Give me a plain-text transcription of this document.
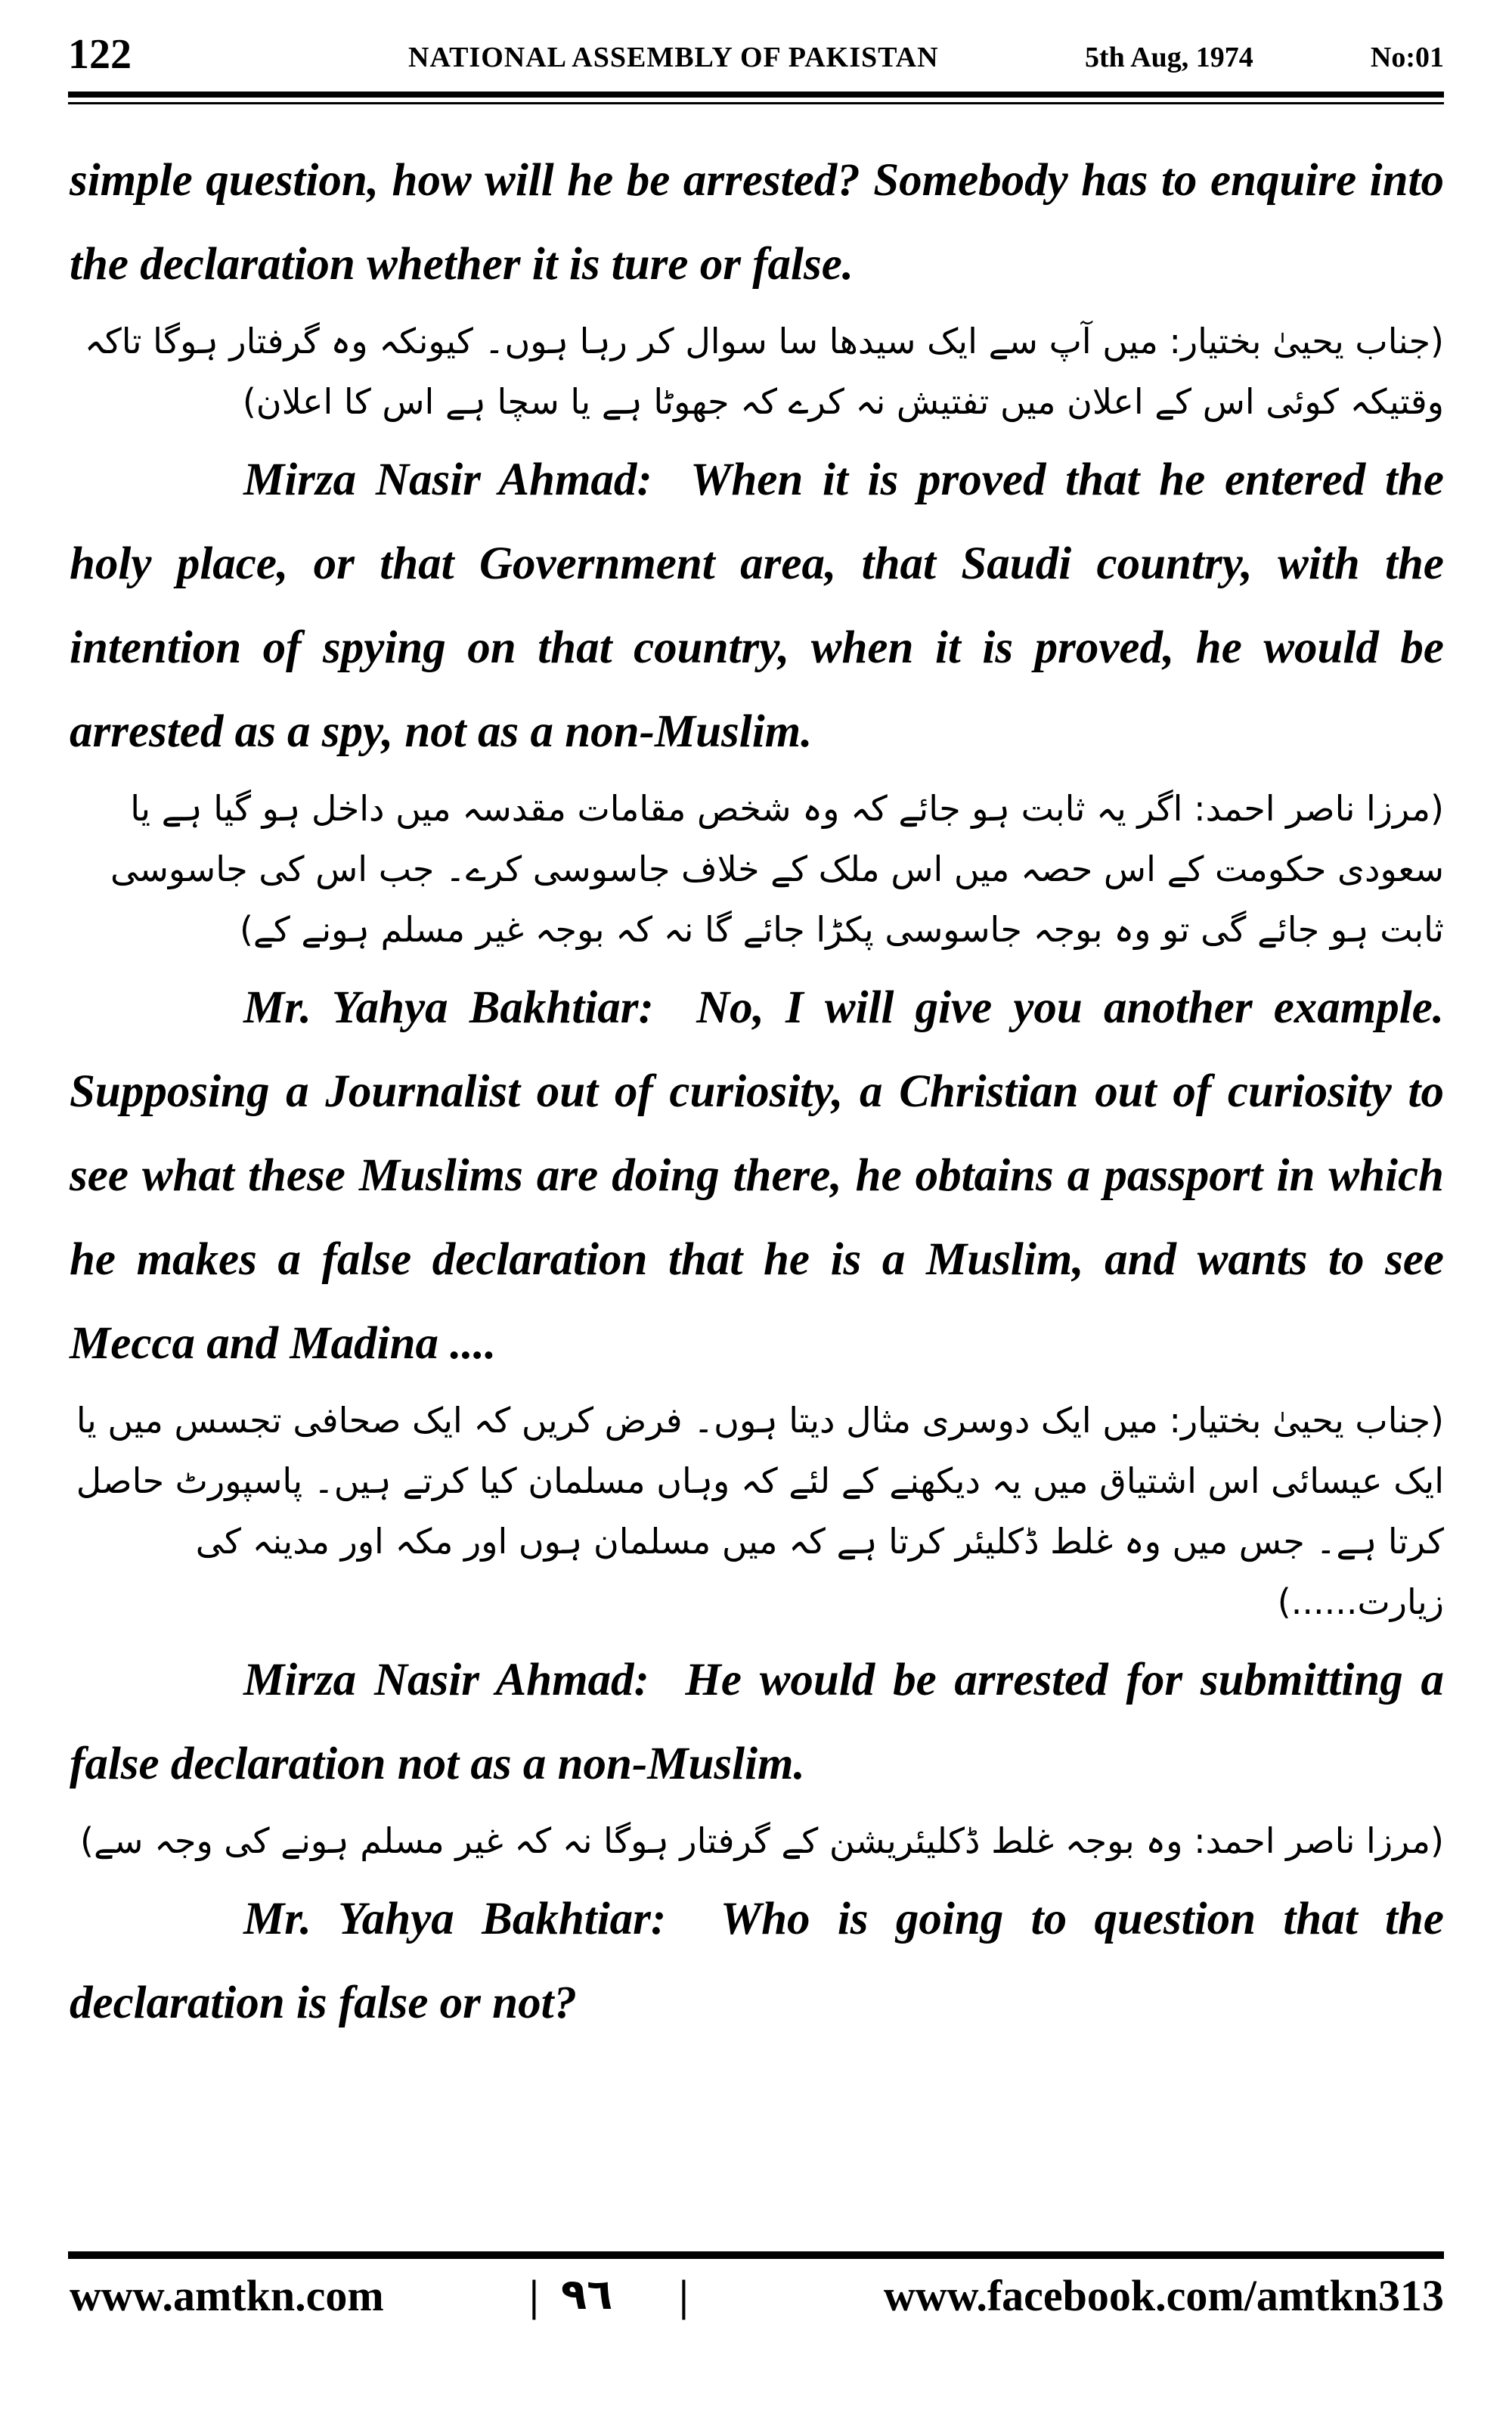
122	NATIONAL ASSEMBLY OF PAKISTAN	5th Aug, 1974	No:01

simple question, how will he be arrested? Somebody has to enquire into the declaration whether it is ture or false.

(جناب یحییٰ بختیار: میں آپ سے ایک سیدھا سا سوال کر رہا ہوں۔ کیونکہ وہ گرفتار ہوگا تاکہ وقتیکہ کوئی اس کے اعلان میں تفتیش نہ کرے کہ جھوٹا ہے یا سچا ہے اس کا اعلان)

Mirza Nasir Ahmad: When it is proved that he entered the holy place, or that Government area, that Saudi country, with the intention of spying on that country, when it is proved, he would be arrested as a spy, not as a non-Muslim.

(مرزا ناصر احمد: اگر یہ ثابت ہو جائے کہ وہ شخص مقامات مقدسہ میں داخل ہو گیا ہے یا سعودی حکومت کے اس حصہ میں اس ملک کے خلاف جاسوسی کرے۔ جب اس کی جاسوسی ثابت ہو جائے گی تو وہ بوجہ جاسوسی پکڑا جائے گا نہ کہ بوجہ غیر مسلم ہونے کے)

Mr. Yahya Bakhtiar: No, I will give you another example. Supposing a Journalist out of curiosity, a Christian out of curiosity to see what these Muslims are doing there, he obtains a passport in which he makes a false declaration that he is a Muslim, and wants to see Mecca and Madina ....

(جناب یحییٰ بختیار: میں ایک دوسری مثال دیتا ہوں۔ فرض کریں کہ ایک صحافی تجسس میں یا ایک عیسائی اس اشتیاق میں یہ دیکھنے کے لئے کہ وہاں مسلمان کیا کرتے ہیں۔ پاسپورٹ حاصل کرتا ہے۔ جس میں وہ غلط ڈکلیئر کرتا ہے کہ میں مسلمان ہوں اور مکہ اور مدینہ کی زیارت......)

Mirza Nasir Ahmad: He would be arrested for submitting a false declaration not as a non-Muslim.

(مرزا ناصر احمد: وہ بوجہ غلط ڈکلیئریشن کے گرفتار ہوگا نہ کہ غیر مسلم ہونے کی وجہ سے)

Mr. Yahya Bakhtiar: Who is going to question that the declaration is false or not?

www.amtkn.com	| ٩٦ |	www.facebook.com/amtkn313
